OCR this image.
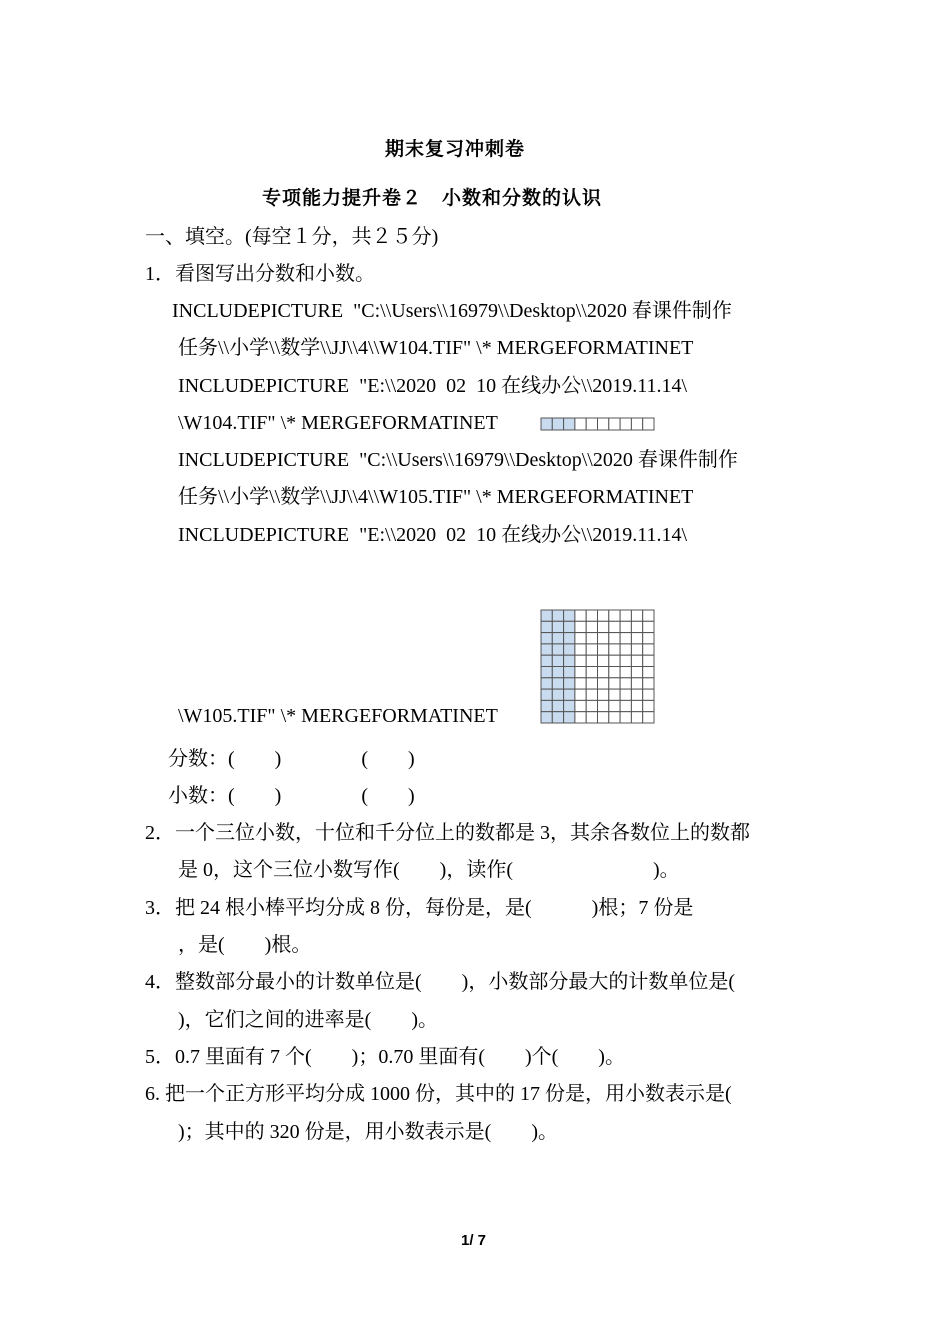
期末复习冲刺卷
专项能力提升卷２　小数和分数的认识
一、填空。(每空１分，共２５分)
1．看图写出分数和小数。
INCLUDEPICTURE  "C:\\Users\\16979\\Desktop\\2020 春课件制作
任务\\小学\\数学\\JJ\\4\\W104.TIF" \* MERGEFORMATINET
INCLUDEPICTURE  "E:\\2020  02  10 在线办公\\2019.11.14\
\W104.TIF" \* MERGEFORMATINET
INCLUDEPICTURE  "C:\\Users\\16979\\Desktop\\2020 春课件制作
任务\\小学\\数学\\JJ\\4\\W105.TIF" \* MERGEFORMATINET
INCLUDEPICTURE  "E:\\2020  02  10 在线办公\\2019.11.14\
\W105.TIF" \* MERGEFORMATINET
分数：(　　)　　　　(　　)
小数：(　　)　　　　(　　)
2．一个三位小数，十位和千分位上的数都是 3，其余各数位上的数都
是 0，这个三位小数写作(　　)，读作(　　　　　　　)。
3．把 24 根小棒平均分成 8 份，每份是，是(　　　)根；7 份是
，是(　　)根。
4．整数部分最小的计数单位是(　　)，小数部分最大的计数单位是(
)，它们之间的进率是(　　)。
5．0.7 里面有 7 个(　　)；0.70 里面有(　　)个(　　)。
6. 把一个正方形平均分成 1000 份，其中的 17 份是，用小数表示是(
)；其中的 320 份是，用小数表示是(　　)。
1/ 7
